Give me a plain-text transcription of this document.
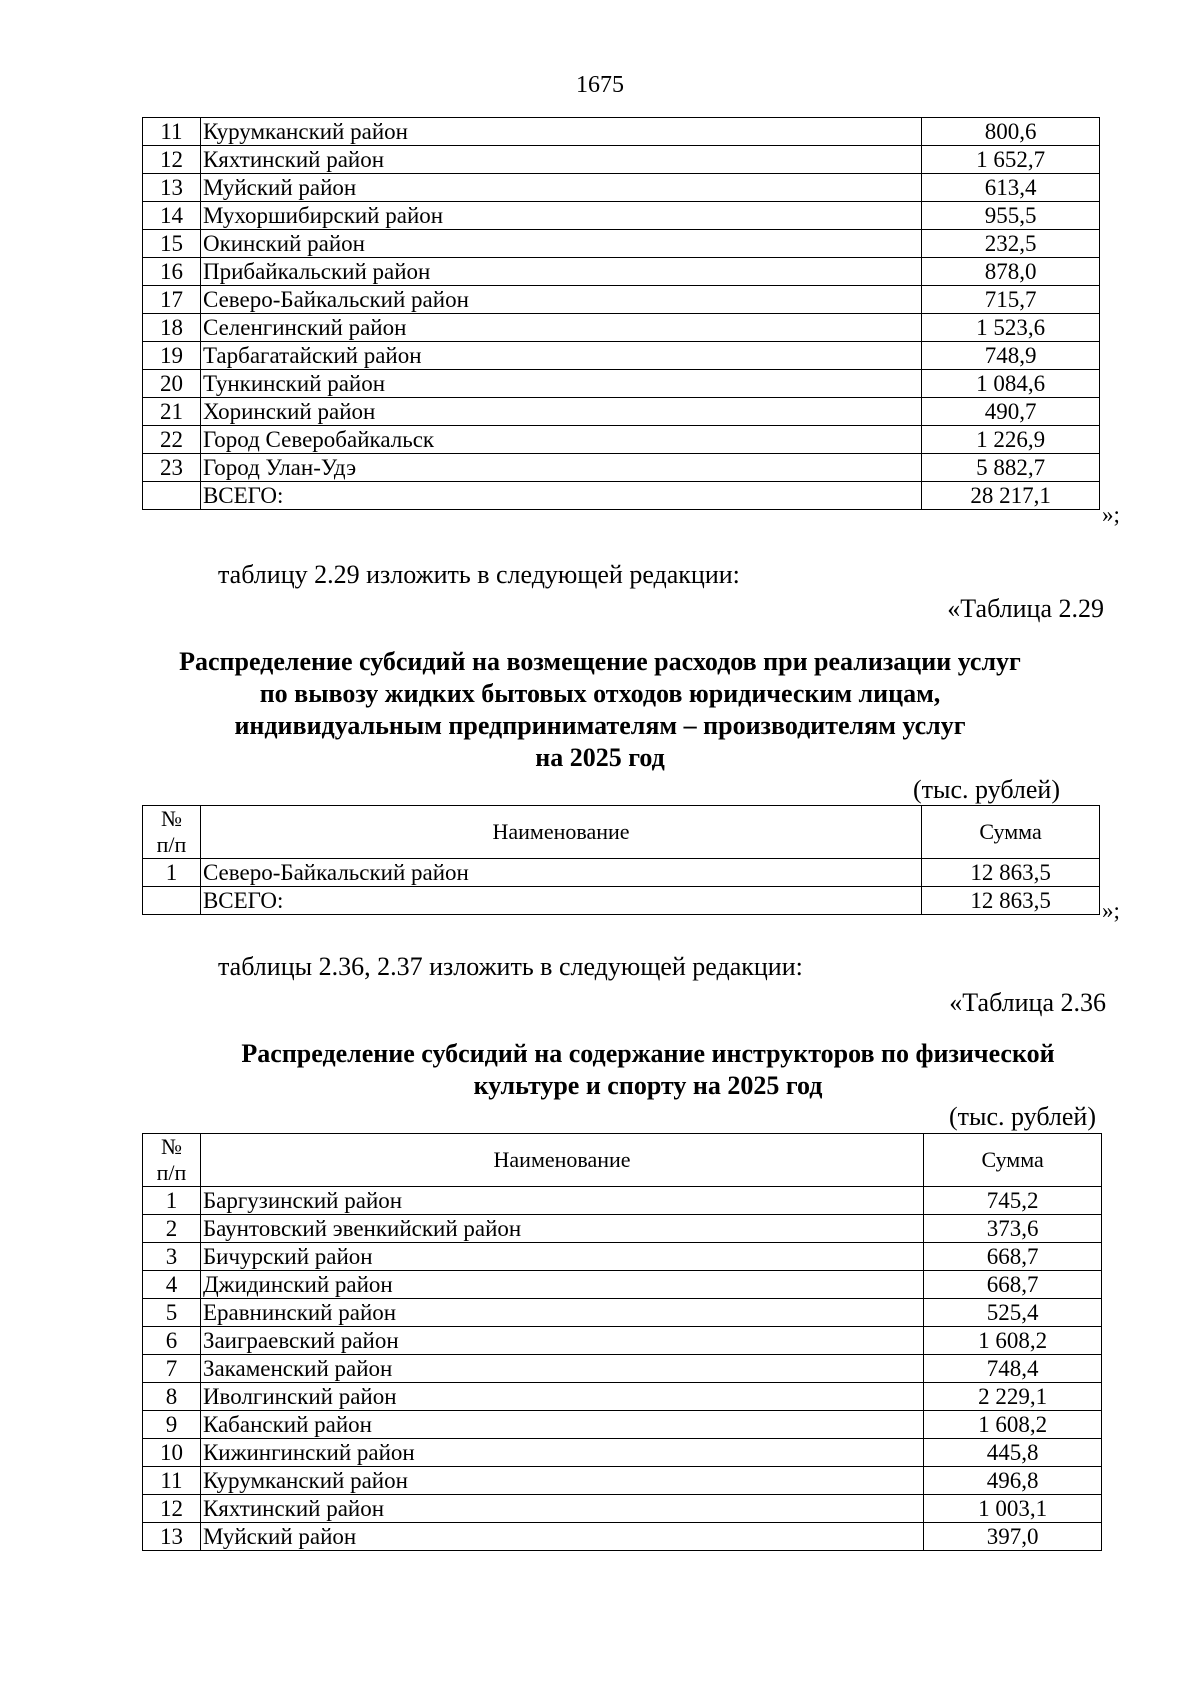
1675
11	Курумканский район	800,6
12	Кяхтинский район	1 652,7
13	Муйский район	613,4
14	Мухоршибирский район	955,5
15	Окинский район	232,5
16	Прибайкальский район	878,0
17	Северо-Байкальский район	715,7
18	Селенгинский район	1 523,6
19	Тарбагатайский район	748,9
20	Тункинский район	1 084,6
21	Хоринский район	490,7
22	Город Северобайкальск	1 226,9
23	Город Улан-Удэ	5 882,7
	ВСЕГО:	28 217,1
»;
таблицу 2.29 изложить в следующей редакции:
«Таблица 2.29
Распределение субсидий на возмещение расходов при реализации услуг
по вывозу жидких бытовых отходов юридическим лицам,
индивидуальным предпринимателям – производителям услуг
на 2025 год
(тыс. рублей)
№
п/п	Наименование	Сумма
1	Северо-Байкальский район	12 863,5
	ВСЕГО:	12 863,5 »;
таблицы 2.36, 2.37 изложить в следующей редакции:
«Таблица 2.36
Распределение субсидий на содержание инструкторов по физической
культуре и спорту на 2025 год
(тыс. рублей)
№
п/п	Наименование	Сумма
1	Баргузинский район	745,2
2	Баунтовский эвенкийский район	373,6
3	Бичурский район	668,7
4	Джидинский район	668,7
5	Еравнинский район	525,4
6	Заиграевский район	1 608,2
7	Закаменский район	748,4
8	Иволгинский район	2 229,1
9	Кабанский район	1 608,2
10	Кижингинский район	445,8
11	Курумканский район	496,8
12	Кяхтинский район	1 003,1
13	Муйский район	397,0
